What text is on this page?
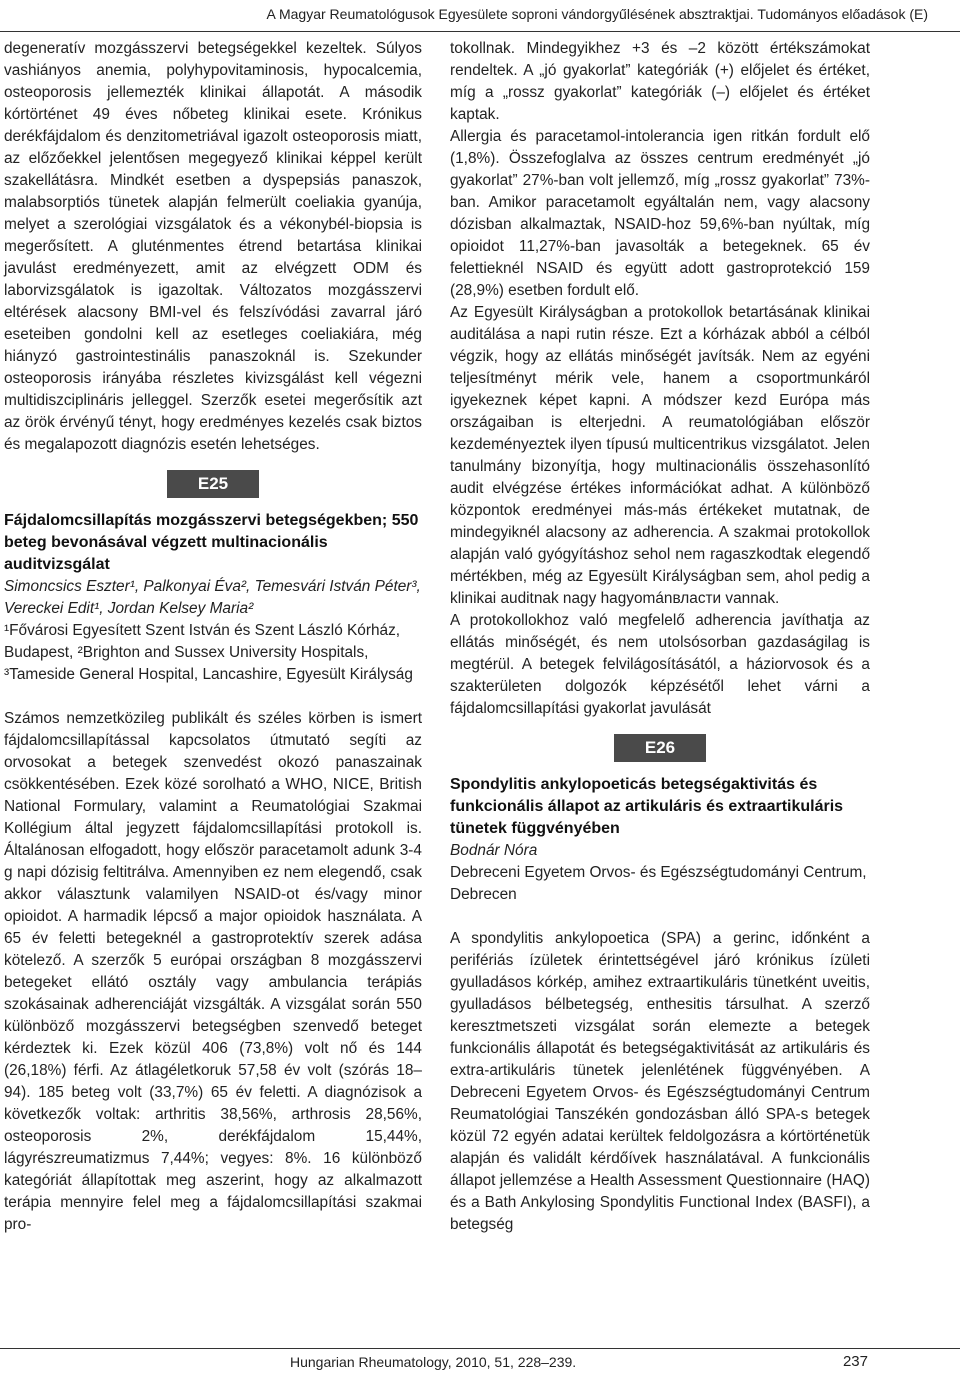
A Magyar Reumatológusok Egyesülete soproni vándorgyűlésének absztraktjai. Tudományos előadások (E)

degeneratív mozgásszervi betegségekkel kezeltek. Súlyos vashiányos anemia, polyhypovitaminosis, hypocalcemia, osteoporosis jellemezték klinikai állapotát. A második kórtörténet 49 éves nőbeteg klinikai esete. Krónikus derékfájdalom és denzitometriával igazolt osteoporosis miatt, az előzőekkel jelentősen megegyező klinikai képpel került szakellátásra. Mindkét esetben a dyspepsiás panaszok, malabsorptiós tünetek alapján felmerült coeliakia gyanúja, melyet a szerológiai vizsgálatok és a vékonybél-biopsia is megerősített. A gluténmentes étrend betartása klinikai javulást eredményezett, amit az elvégzett ODM és laborvizsgálatok is igazoltak. Változatos mozgásszervi eltérések alacsony BMI-vel és felszívódási zavarral járó eseteiben gondolni kell az esetleges coeliakiára, még hiányzó gastrointestinális panaszoknál is. Szekunder osteoporosis irányába részletes kivizsgálást kell végezni multidiszciplináris jelleggel. Szerzők esetei megerősítik azt az örök érvényű tényt, hogy eredményes kezelés csak biztos és megalapozott diagnózis esetén lehetséges.

E25

Fájdalomcsillapítás mozgásszervi betegségekben; 550 beteg bevonásával végzett multinacionális auditvizsgálat

Simoncsics Eszter¹, Palkonyai Éva², Temesvári István Péter³, Vereckei Edit¹, Jordan Kelsey Maria²

¹Fővárosi Egyesített Szent István és Szent László Kórház, Budapest, ²Brighton and Sussex University Hospitals, ³Tameside General Hospital, Lancashire, Egyesült Királyság

Számos nemzetközileg publikált és széles körben is ismert fájdalomcsillapítással kapcsolatos útmutató segíti az orvosokat a betegek szenvedést okozó panaszainak csökkentésében. Ezek közé sorolható a WHO, NICE, British National Formulary, valamint a Reumatológiai Szakmai Kollégium által jegyzett fájdalomcsillapítási protokoll is. Általánosan elfogadott, hogy először paracetamolt adunk 3-4 g napi dózisig feltitrálva. Amennyiben ez nem elegendő, csak akkor választunk valamilyen NSAID-ot és/vagy minor opioidot. A harmadik lépcső a major opioidok használata. A 65 év feletti betegeknél a gastroprotektív szerek adása kötelező. A szerzők 5 európai országban 8 mozgásszervi betegeket ellátó osztály vagy ambulancia terápiás szokásainak adherenciáját vizsgálták. A vizsgálat során 550 különböző mozgásszervi betegségben szenvedő beteget kérdeztek ki. Ezek közül 406 (73,8%) volt nő és 144 (26,18%) férfi. Az átlagéletkoruk 57,58 év volt (szórás 18–94). 185 beteg volt (33,7%) 65 év feletti. A diagnózisok a következők voltak: arthritis 38,56%, arthrosis 28,56%, osteoporosis 2%, derékfájdalom 15,44%, lágyrészreumatizmus 7,44%; vegyes: 8%. 16 különböző kategóriát állapítottak meg aszerint, hogy az alkalmazott terápia mennyire felel meg a fájdalomcsillapítási szakmai pro-

tokollnak. Mindegyikhez +3 és –2 között értékszámokat rendeltek. A „jó gyakorlat” kategóriák (+) előjelet és értéket, míg a „rossz gyakorlat” kategóriák (–) előjelet és értéket kaptak.

Allergia és paracetamol-intolerancia igen ritkán fordult elő (1,8%). Összefoglalva az összes centrum eredményét „jó gyakorlat” 27%-ban volt jellemző, míg „rossz gyakorlat” 73%-ban. Amikor paracetamolt egyáltalán nem, vagy alacsony dózisban alkalmaztak, NSAID-hoz 59,6%-ban nyúltak, míg opioidot 11,27%-ban javasolták a betegeknek. 65 év felettieknél NSAID és együtt adott gastroprotekció 159 (28,9%) esetben fordult elő.

Az Egyesült Királyságban a protokollok betartásának klinikai auditálása a napi rutin része. Ezt a kórházak abból a célból végzik, hogy az ellátás minőségét javítsák. Nem az egyéni teljesítményt mérik vele, hanem a csoportmunkáról igyekeznek képet kapni. A módszer kezd Európa más országaiban is elterjedni. A reumatológiában először kezdeményeztek ilyen típusú multicentrikus vizsgálatot. Jelen tanulmány bizonyítja, hogy multinacionális összehasonlító audit elvégzése értékes információkat adhat. A különböző központok eredményei más-más értékeket mutatnak, de mindegyiknél alacsony az adherencia. A szakmai protokollok alapján való gyógyításhoz sehol nem ragaszkodtak elegendő mértékben, még az Egyesült Királyságban sem, ahol pedig a klinikai auditnak nagy hagyománвласти vannak.

A protokollokhoz való megfelelő adherencia javíthatja az ellátás minőségét, és nem utolsósorban gazdaságilag is megtérül. A betegek felvilágosításától, a háziorvosok és a szakterületen dolgozók képzésétől lehet várni a fájdalomcsillapítási gyakorlat javulását

E26

Spondylitis ankylopoeticás betegségaktivitás és funkcionális állapot az artikuláris és extraartikuláris tünetek függvényében

Bodnár Nóra

Debreceni Egyetem Orvos- és Egészségtudományi Centrum, Debrecen

A spondylitis ankylopoetica (SPA) a gerinc, időnként a perifériás ízületek érintettségével járó krónikus ízületi gyulladásos kórkép, amihez extraartikuláris tünetként uveitis, gyulladásos bélbetegség, enthesitis társulhat. A szerző keresztmetszeti vizsgálat során elemezte a betegek funkcionális állapotát és betegségaktivitását az artikuláris és extra-artikuláris tünetek jelenlétének függvényében. A Debreceni Egyetem Orvos- és Egészségtudományi Centrum Reumatológiai Tanszékén gondozásban álló SPA-s betegek közül 72 egyén adatai kerültek feldolgozásra a kórtörténetük alapján és validált kérdőívek használatával. A funkcionális állapot jellemzése a Health Assessment Questionnaire (HAQ) és a Bath Ankylosing Spondylitis Functional Index (BASFI), a betegség

Hungarian Rheumatology, 2010, 51, 228–239.	237
